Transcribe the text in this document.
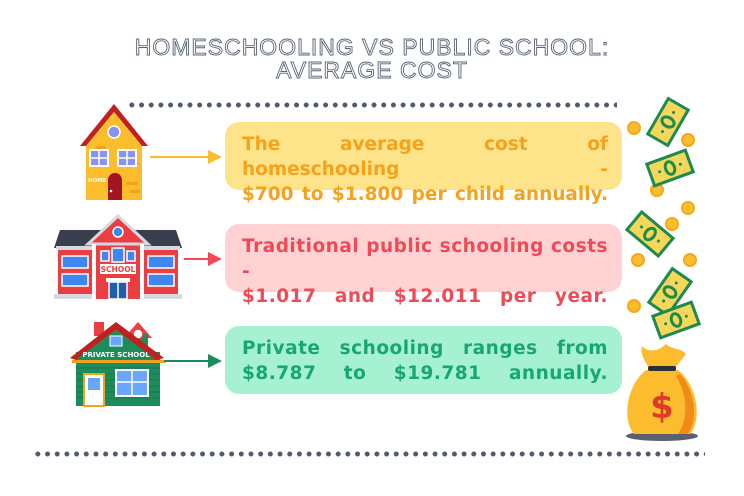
HOMESCHOOLING VS PUBLIC SCHOOL:
AVERAGE COST
HOME
The average cost of homeschooling -
$700 to $1.800 per child annually.
SCHOOL
Traditional public schooling costs -
$1.017 and $12.011 per year.
PRIVATE SCHOOL	Private schooling ranges from
$8.787 to $19.781 annually.
$
